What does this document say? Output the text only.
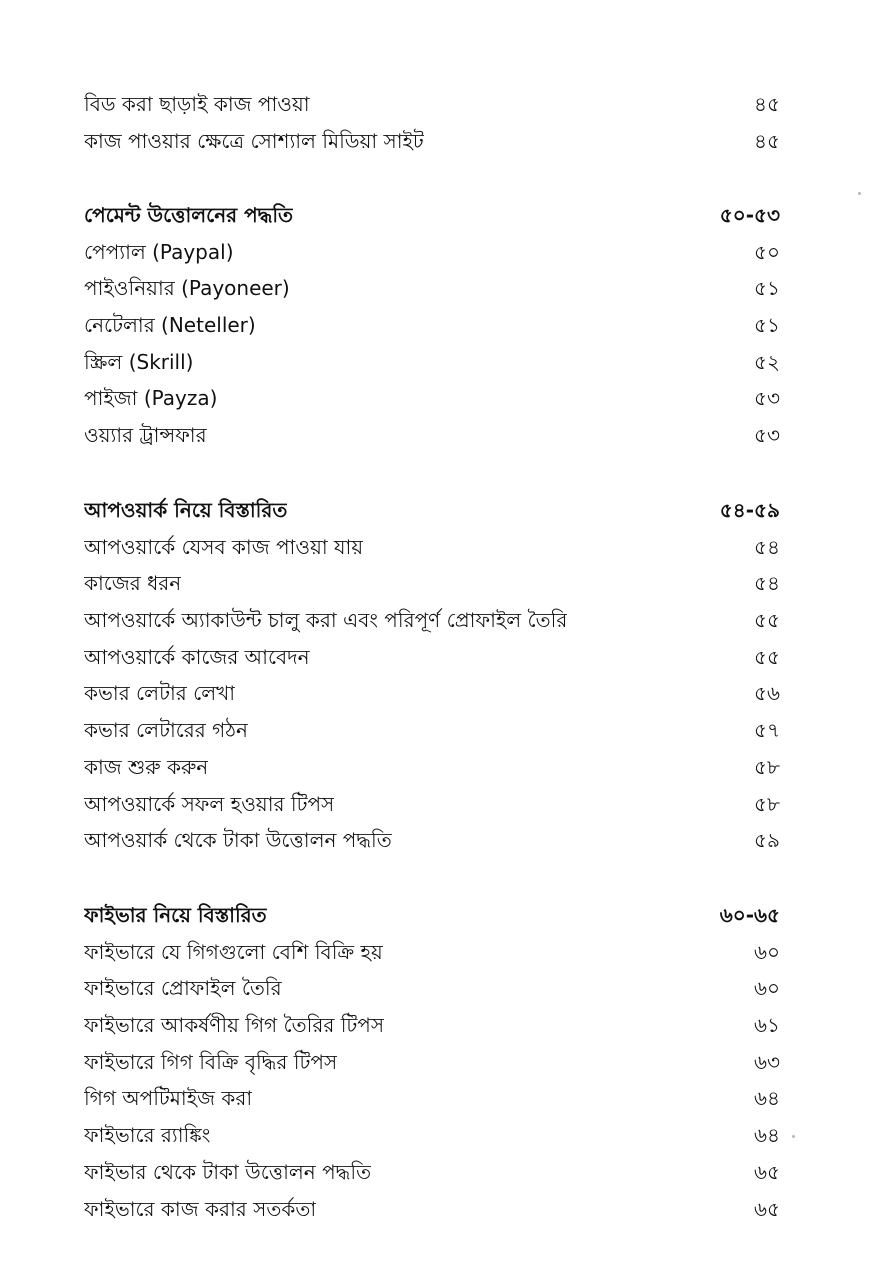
বিড করা ছাড়াই কাজ পাওয়া	৪৫
কাজ পাওয়ার ক্ষেত্রে সোশ্যাল মিডিয়া সাইট	৪৫
পেমেন্ট উত্তোলনের পদ্ধতি	৫০-৫৩
পেপ্যাল (Paypal)	৫০
পাইওনিয়ার (Payoneer)	৫১
নেটেলার (Neteller)	৫১
স্ক্রিল (Skrill)	৫২
পাইজা (Payza)	৫৩
ওয়্যার ট্রান্সফার	৫৩
আপওয়ার্ক নিয়ে বিস্তারিত	৫৪-৫৯
আপওয়ার্কে যেসব কাজ পাওয়া যায়	৫৪
কাজের ধরন	৫৪
আপওয়ার্কে অ্যাকাউন্ট চালু করা এবং পরিপূর্ণ প্রোফাইল তৈরি	৫৫
আপওয়ার্কে কাজের আবেদন	৫৫
কভার লেটার লেখা	৫৬
কভার লেটারের গঠন	৫৭
কাজ শুরু করুন	৫৮
আপওয়ার্কে সফল হওয়ার টিপস	৫৮
আপওয়ার্ক থেকে টাকা উত্তোলন পদ্ধতি	৫৯
ফাইভার নিয়ে বিস্তারিত	৬০-৬৫
ফাইভারে যে গিগগুলো বেশি বিক্রি হয়	৬০
ফাইভারে প্রোফাইল তৈরি	৬০
ফাইভারে আকর্ষণীয় গিগ তৈরির টিপস	৬১
ফাইভারে গিগ বিক্রি বৃদ্ধির টিপস	৬৩
গিগ অপটিমাইজ করা	৬৪
ফাইভারে র‌্যাঙ্কিং	৬৪
ফাইভার থেকে টাকা উত্তোলন পদ্ধতি	৬৫
ফাইভারে কাজ করার সতর্কতা	৬৫
